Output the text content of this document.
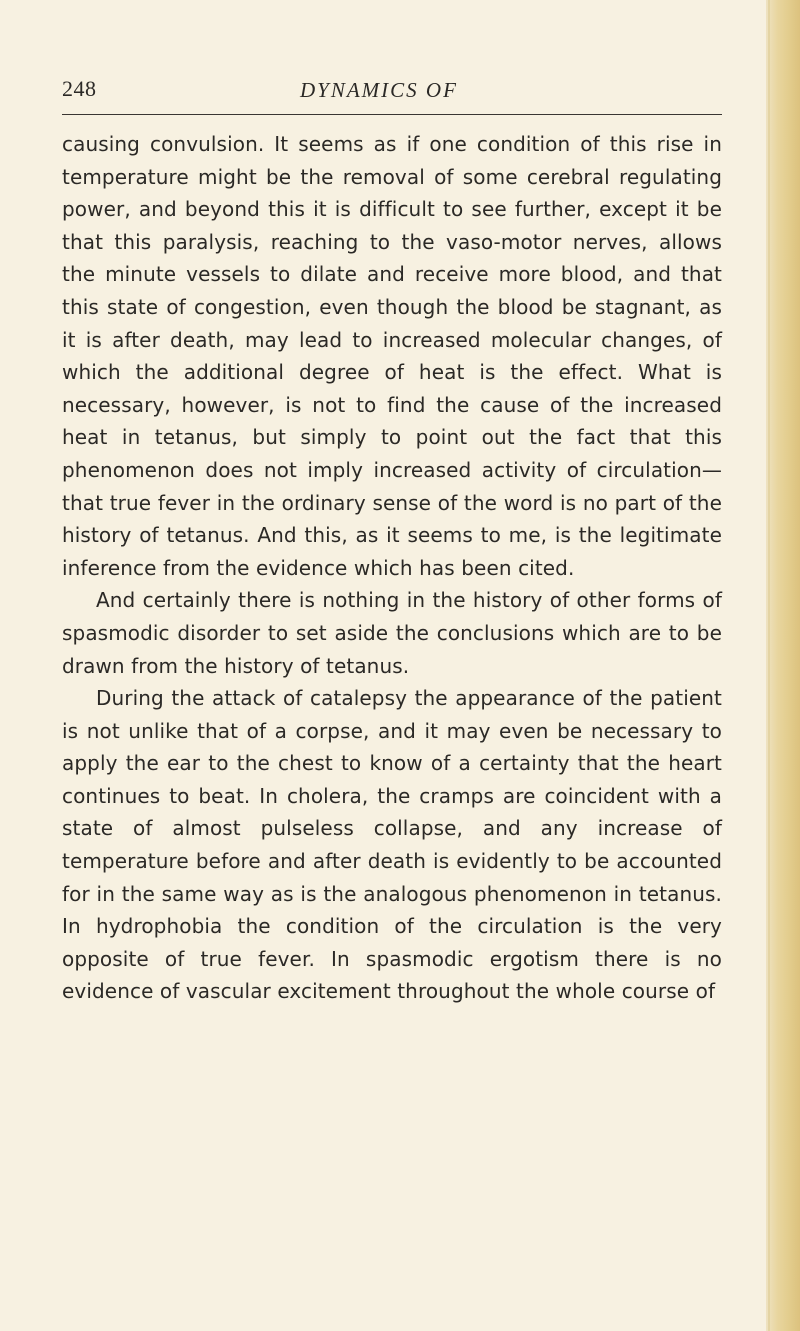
248	DYNAMICS OF

causing convulsion. It seems as if one condition of this rise in temperature might be the removal of some cerebral regulating power, and beyond this it is difficult to see further, except it be that this paralysis, reaching to the vaso-motor nerves, allows the minute vessels to dilate and receive more blood, and that this state of congestion, even though the blood be stagnant, as it is after death, may lead to increased molecular changes, of which the additional degree of heat is the effect. What is necessary, however, is not to find the cause of the increased heat in tetanus, but simply to point out the fact that this phenomenon does not imply increased activity of circulation—that true fever in the ordinary sense of the word is no part of the history of tetanus. And this, as it seems to me, is the legitimate inference from the evidence which has been cited.

And certainly there is nothing in the history of other forms of spasmodic disorder to set aside the conclusions which are to be drawn from the history of tetanus.

During the attack of catalepsy the appearance of the patient is not unlike that of a corpse, and it may even be necessary to apply the ear to the chest to know of a certainty that the heart continues to beat. In cholera, the cramps are coincident with a state of almost pulseless collapse, and any increase of temperature before and after death is evidently to be accounted for in the same way as is the analogous phenomenon in tetanus. In hydrophobia the condition of the circulation is the very opposite of true fever. In spasmodic ergotism there is no evidence of vascular excitement throughout the whole course of
